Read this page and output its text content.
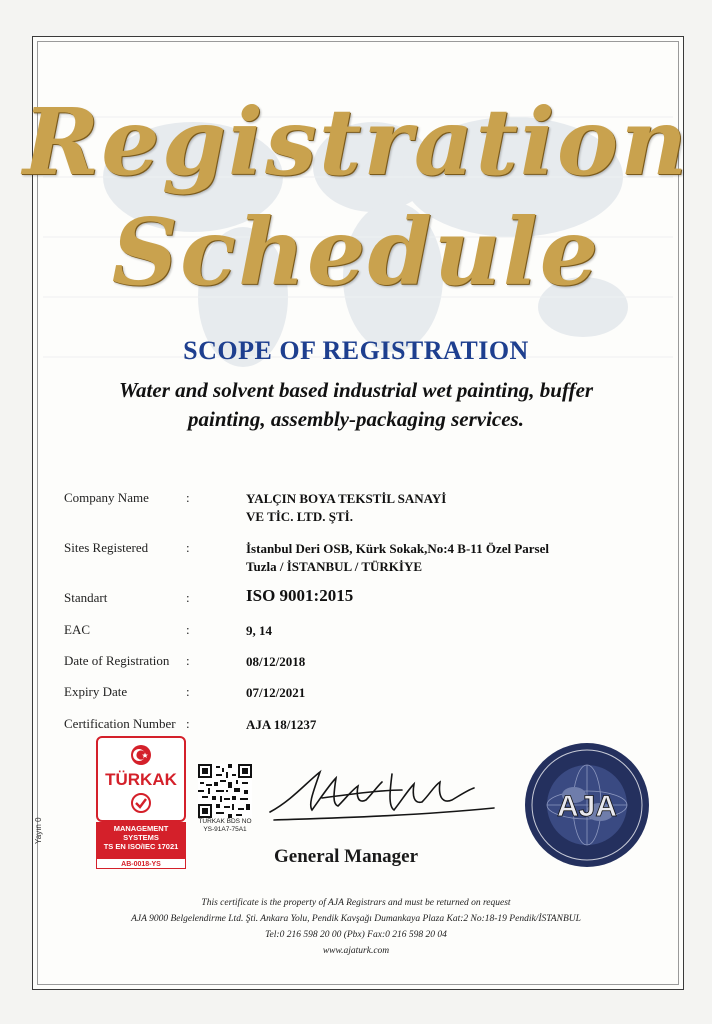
Registration
Schedule
SCOPE OF REGISTRATION
Water and solvent based industrial wet painting, buffer
painting, assembly-packaging services.
Company Name	:	YALÇIN BOYA TEKSTİL SANAYİ
VE TİC. LTD. ŞTİ.
Sites Registered	:	İstanbul Deri OSB, Kürk Sokak,No:4 B-11 Özel Parsel
Tuzla / İSTANBUL / TÜRKİYE
Standart	:	ISO 9001:2015
EAC	:	9, 14
Date of Registration :	08/12/2018
Expiry Date	:	07/12/2021
Certification Number :	AJA 18/1237
TÜRKAK
MANAGEMENT
SYSTEMS
TS EN ISO/IEC 17021
AB-0018-YS
TURKAK BDS NO
YS-91A7-75A1
General Manager
AJA
Yayın 0
This certificate is the property of AJA Registrars and must be returned on request
AJA 9000 Belgelendirme Ltd. Şti. Ankara Yolu, Pendik Kavşağı Dumankaya Plaza Kat:2 No:18-19 Pendik/İSTANBUL
Tel:0 216 598 20 00 (Pbx) Fax:0 216 598 20 04
www.ajaturk.com
